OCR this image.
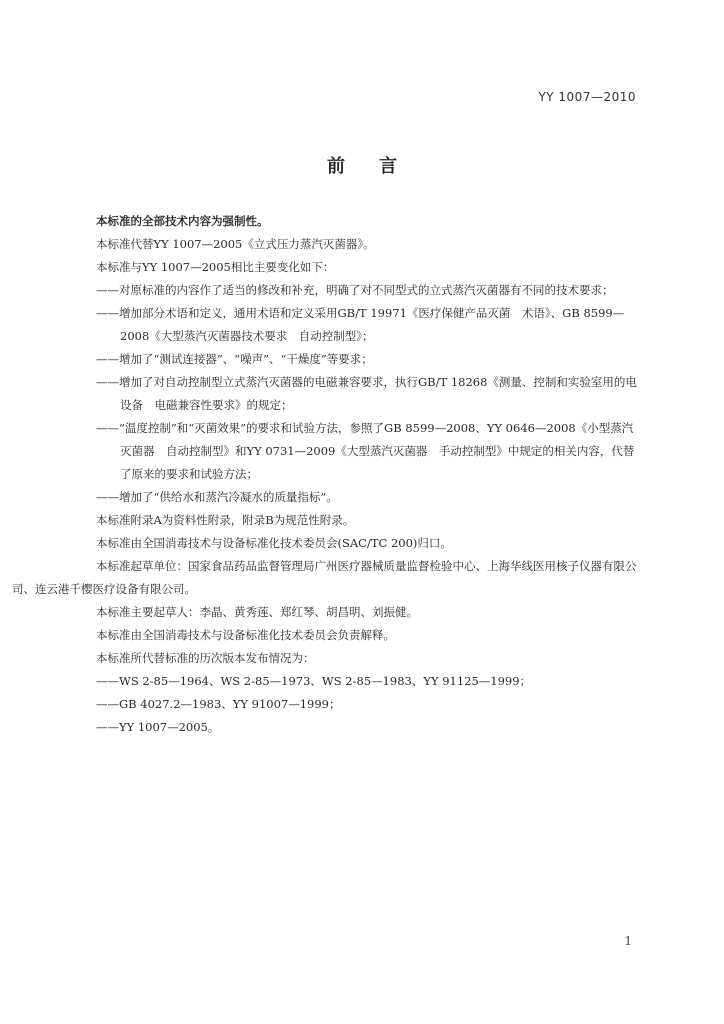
YY 1007—2010
前言

本标准的全部技术内容为强制性。

本标准代替YY 1007—2005《立式压力蒸汽灭菌器》。

本标准与YY 1007—2005相比主要变化如下：

——对原标准的内容作了适当的修改和补充，明确了对不同型式的立式蒸汽灭菌器有不同的技术要求；

——增加部分术语和定义，通用术语和定义采用GB/T 19971《医疗保健产品灭菌　术语》、GB 8599—2008《大型蒸汽灭菌器技术要求　自动控制型》；

——增加了“测试连接器”、“噪声”、“干燥度”等要求；

——增加了对自动控制型立式蒸汽灭菌器的电磁兼容要求，执行GB/T 18268《测量、控制和实验室用的电设备　电磁兼容性要求》的规定；

——“温度控制”和“灭菌效果”的要求和试验方法，参照了GB 8599—2008、YY 0646—2008《小型蒸汽灭菌器　自动控制型》和YY 0731—2009《大型蒸汽灭菌器　手动控制型》中规定的相关内容，代替了原来的要求和试验方法；

——增加了“供给水和蒸汽冷凝水的质量指标”。

本标准附录A为资料性附录，附录B为规范性附录。

本标准由全国消毒技术与设备标准化技术委员会(SAC/TC 200)归口。

本标准起草单位：国家食品药品监督管理局广州医疗器械质量监督检验中心、上海华线医用核子仪器有限公司、连云港千樱医疗设备有限公司。

本标准主要起草人：李晶、黄秀莲、郑红琴、胡昌明、刘振健。

本标准由全国消毒技术与设备标准化技术委员会负责解释。

本标准所代替标准的历次版本发布情况为：

——WS 2-85—1964、WS 2-85—1973、WS 2-85—1983、YY 91125—1999；

——GB 4027.2—1983、YY 91007—1999；

——YY 1007—2005。

1
